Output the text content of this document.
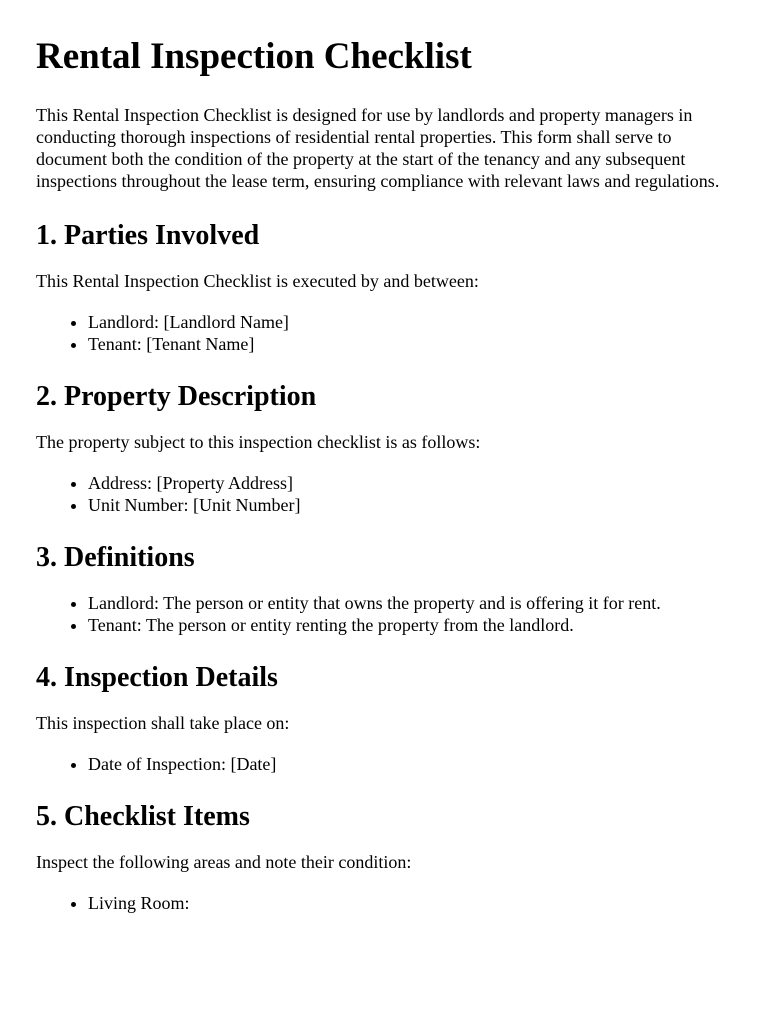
Rental Inspection Checklist

This Rental Inspection Checklist is designed for use by landlords and property managers in conducting thorough inspections of residential rental properties. This form shall serve to document both the condition of the property at the start of the tenancy and any subsequent inspections throughout the lease term, ensuring compliance with relevant laws and regulations.

1. Parties Involved

This Rental Inspection Checklist is executed by and between:

• Landlord: [Landlord Name]
• Tenant: [Tenant Name]
2. Property Description

The property subject to this inspection checklist is as follows:

• Address: [Property Address]
• Unit Number: [Unit Number]
3. Definitions
• Landlord: The person or entity that owns the property and is offering it for rent.
• Tenant: The person or entity renting the property from the landlord.
4. Inspection Details

This inspection shall take place on:

• Date of Inspection: [Date]
5. Checklist Items

Inspect the following areas and note their condition:

• Living Room:
